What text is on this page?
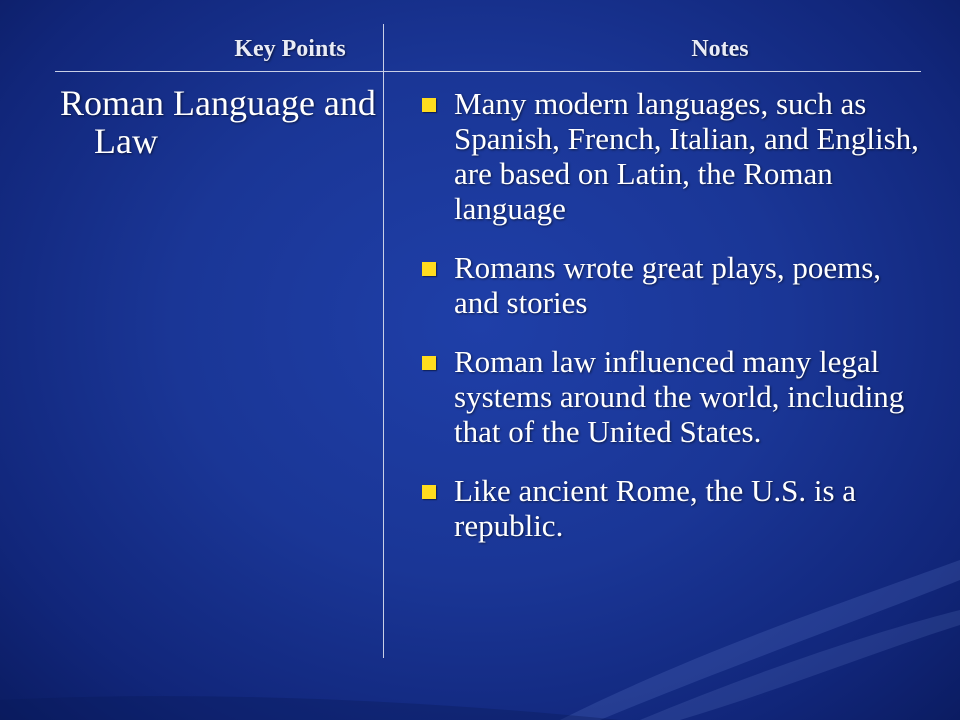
Key Points	Notes
Roman Language and Law
Many modern languages, such as Spanish, French, Italian, and English, are based on Latin, the Roman language
Romans wrote great plays, poems, and stories
Roman law influenced many legal systems around the world, including that of the United States.
Like ancient Rome, the U.S. is a republic.
